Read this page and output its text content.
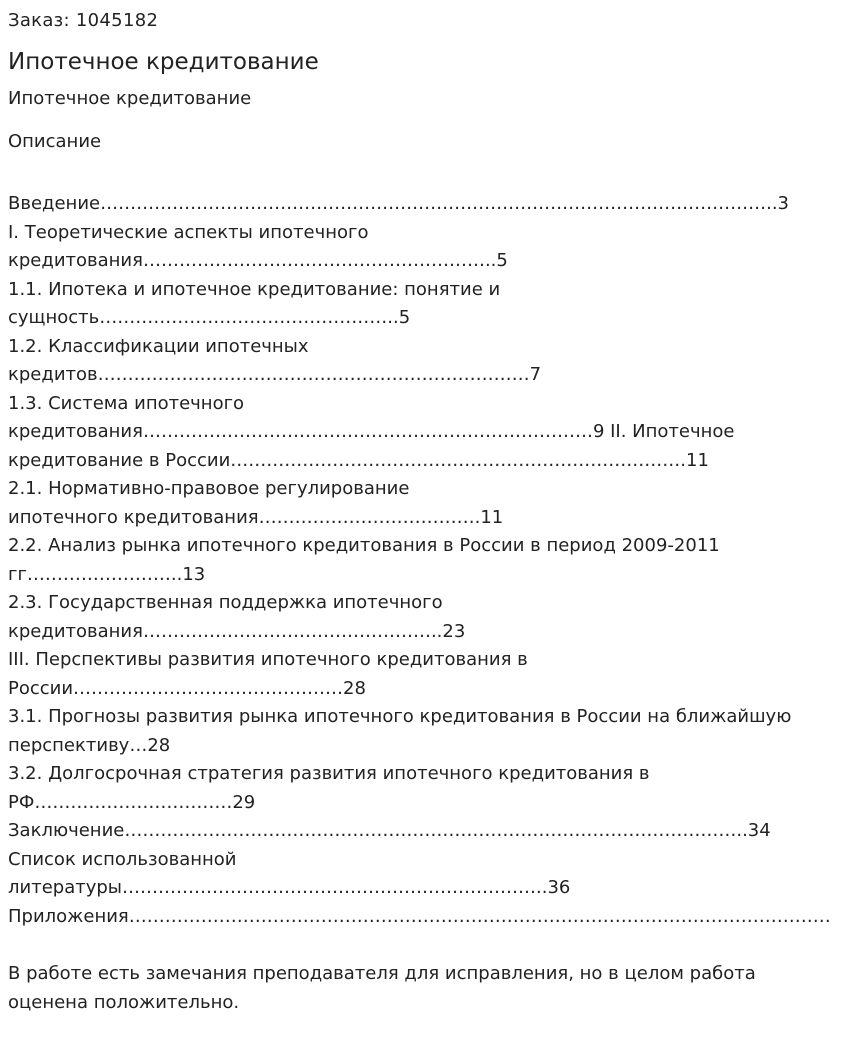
Заказ: 1045182
Ипотечное кредитование
Ипотечное кредитование
Описание
Введение…………………………………………………………………………………………………..3
I. Теоретические аспекты ипотечного
кредитования…………………………………………………..5
1.1. Ипотека и ипотечное кредитование: понятие и
сущность…………………………………………..5
1.2. Классификации ипотечных
кредитов………………………………………………………………7
1.3. Система ипотечного
кредитования…………………………………………………………………9 II. Ипотечное
кредитование в России………………………………………………………………….11
2.1. Нормативно-правовое регулирование
ипотечного кредитования……………………………….11
2.2. Анализ рынка ипотечного кредитования в России в период 2009-2011
гг……………………..13
2.3. Государственная поддержка ипотечного
кредитования…………………………………………..23
III. Перспективы развития ипотечного кредитования в
России………………………………………28
3.1. Прогнозы развития рынка ипотечного кредитования в России на ближайшую
перспективу…28
3.2. Долгосрочная стратегия развития ипотечного кредитования в
РФ……………………………29
Заключение…………………………………………………………………………………………..34
Список использованной
литературы……………………………………………………………..36
Приложения………………………………………………………………………………………………………
В работе есть замечания преподавателя для исправления, но в целом работа
оценена положительно.
